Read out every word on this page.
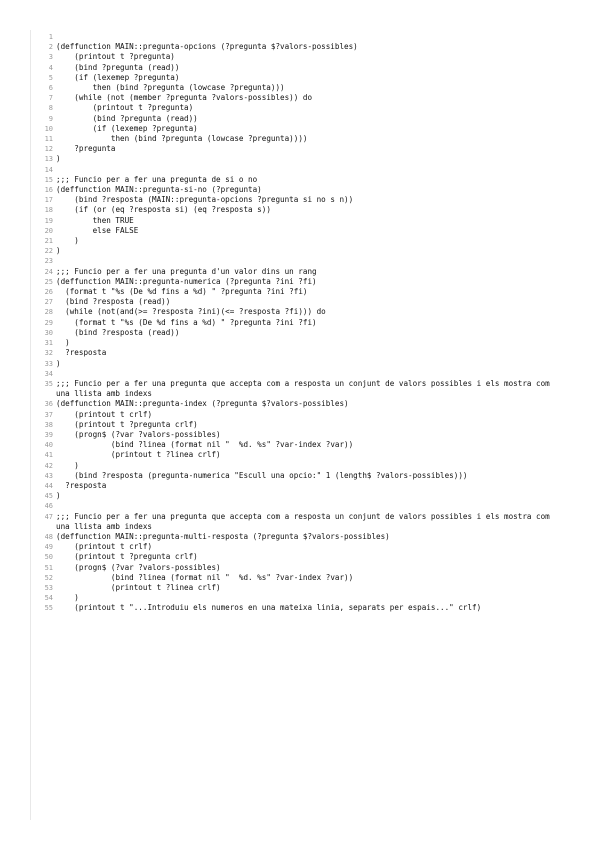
1
2 (deffunction MAIN::pregunta-opcions (?pregunta $?valors-possibles)
3 (printout t ?pregunta)
4 (bind ?pregunta (read))
5 (if (lexemep ?pregunta)
6 then (bind ?pregunta (lowcase ?pregunta)))
7 (while (not (member ?pregunta ?valors-possibles)) do
8 (printout t ?pregunta)
9 (bind ?pregunta (read))
10 (if (lexemep ?pregunta)
11 then (bind ?pregunta (lowcase ?pregunta))))
12 ?pregunta
13 )
14
15 ;;; Funcio per a fer una pregunta de si o no
16 (deffunction MAIN::pregunta-si-no (?pregunta)
17 (bind ?resposta (MAIN::pregunta-opcions ?pregunta si no s n))
18 (if (or (eq ?resposta si) (eq ?resposta s))
19 then TRUE
20 else FALSE
21 )
22 )
23
24 ;;; Funcio per a fer una pregunta d'un valor dins un rang
25 (deffunction MAIN::pregunta-numerica (?pregunta ?ini ?fi)
26 (format t "%s (De %d fins a %d) " ?pregunta ?ini ?fi)
27 (bind ?resposta (read))
28 (while (not(and(>= ?resposta ?ini)(<= ?resposta ?fi))) do
29 (format t "%s (De %d fins a %d) " ?pregunta ?ini ?fi)
30 (bind ?resposta (read))
31 )
32 ?resposta
33 )
34
35 ;;; Funcio per a fer una pregunta que accepta com a resposta un conjunt de valors possibles i els mostra com una llista amb indexs
36 (deffunction MAIN::pregunta-index (?pregunta $?valors-possibles)
37 (printout t crlf)
38 (printout t ?pregunta crlf)
39 (progn$ (?var ?valors-possibles)
40 (bind ?linea (format nil "  %d. %s" ?var-index ?var))
41 (printout t ?linea crlf)
42 )
43 (bind ?resposta (pregunta-numerica "Escull una opcio:" 1 (length$ ?valors-possibles)))
44 ?resposta
45 )
46
47 ;;; Funcio per a fer una pregunta que accepta com a resposta un conjunt de valors possibles i els mostra com una llista amb indexs
48 (deffunction MAIN::pregunta-multi-resposta (?pregunta $?valors-possibles)
49 (printout t crlf)
50 (printout t ?pregunta crlf)
51 (progn$ (?var ?valors-possibles)
52 (bind ?linea (format nil "  %d. %s" ?var-index ?var))
53 (printout t ?linea crlf)
54 )
55 (printout t "...Introduiu els numeros en una mateixa linia, separats per espais..." crlf)
